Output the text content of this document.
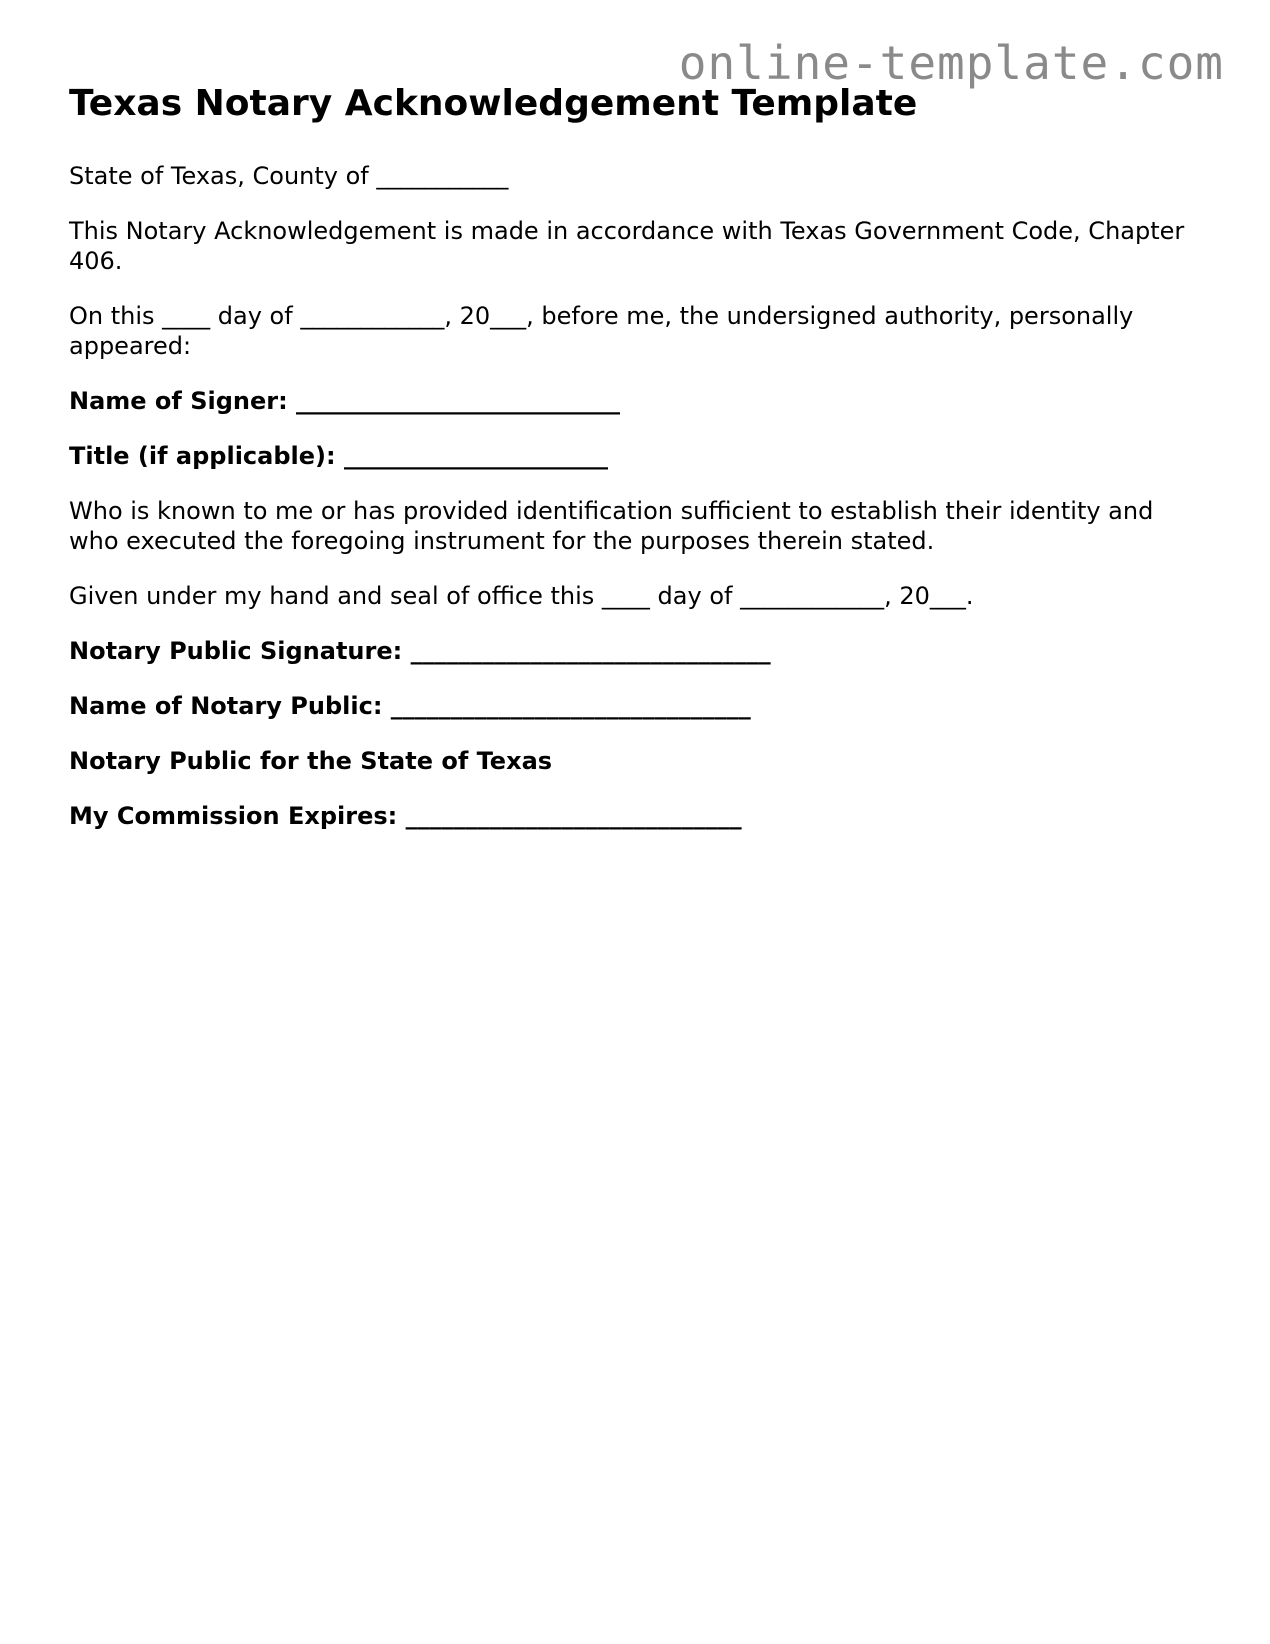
online-template.com
Texas Notary Acknowledgement Template

State of Texas, County of ___________

This Notary Acknowledgement is made in accordance with Texas Government Code, Chapter 406.

On this ____ day of ____________, 20___, before me, the undersigned authority, personally appeared:

Name of Signer: ___________________________

Title (if applicable): ______________________

Who is known to me or has provided identification sufficient to establish their identity and who executed the foregoing instrument for the purposes therein stated.

Given under my hand and seal of office this ____ day of ____________, 20___.

Notary Public Signature: ______________________________

Name of Notary Public: ______________________________

Notary Public for the State of Texas

My Commission Expires: ____________________________
